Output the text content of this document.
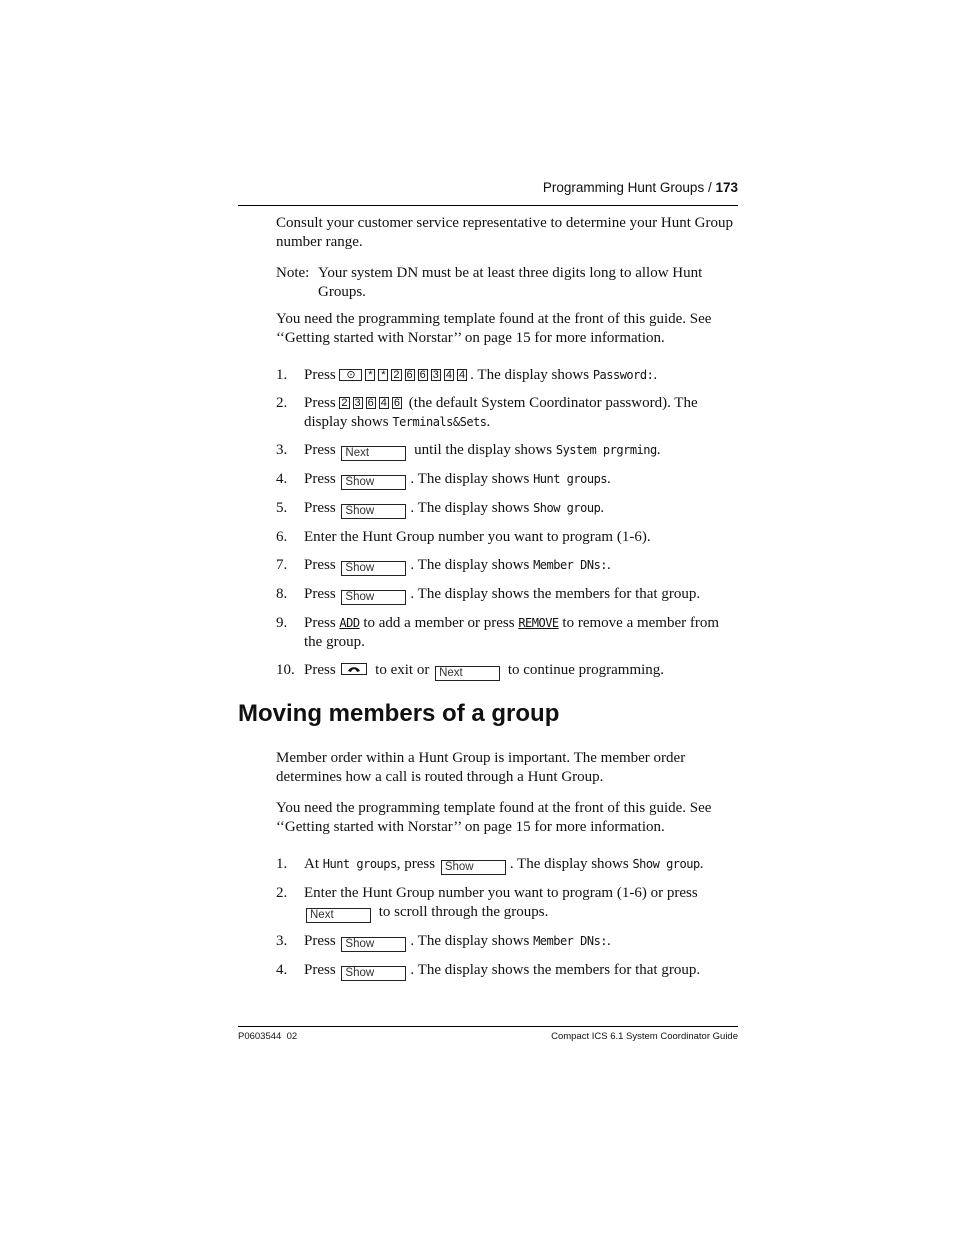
Programming Hunt Groups / 173

Consult your customer service representative to determine your Hunt Group number range.

Note: Your system DN must be at least three digits long to allow Hunt Groups.

You need the programming template found at the front of this guide. See ‘‘Getting started with Norstar’’ on page 15 for more information.

1.	Press ⊙ * * 2 6 6 3 4 4 . The display shows Password:.
2.	Press 2 3 6 4 6 (the default System Coordinator password). The display shows Terminals&Sets.
3.	Press Next	until the display shows System prgrming.
4.	Press Show . The display shows Hunt groups.
5.	Press Show . The display shows Show group.
6.	Enter the Hunt Group number you want to program (1-6).
7.	Press Show . The display shows Member DNs:.
8.	Press Show . The display shows the members for that group.
9.	Press ADD to add a member or press REMOVE to remove a member from the group.
10. Press	to exit or Next	to continue programming.
Moving members of a group

Member order within a Hunt Group is important. The member order determines how a call is routed through a Hunt Group.

You need the programming template found at the front of this guide. See ‘‘Getting started with Norstar’’ on page 15 for more information.

1.	At Hunt groups, press Show . The display shows Show group.
2.	Enter the Hunt Group number you want to program (1-6) or press Next	to scroll through the groups.
3.	Press Show . The display shows Member DNs:.
4.	Press Show . The display shows the members for that group.
P0603544  02	Compact ICS 6.1 System Coordinator Guide
